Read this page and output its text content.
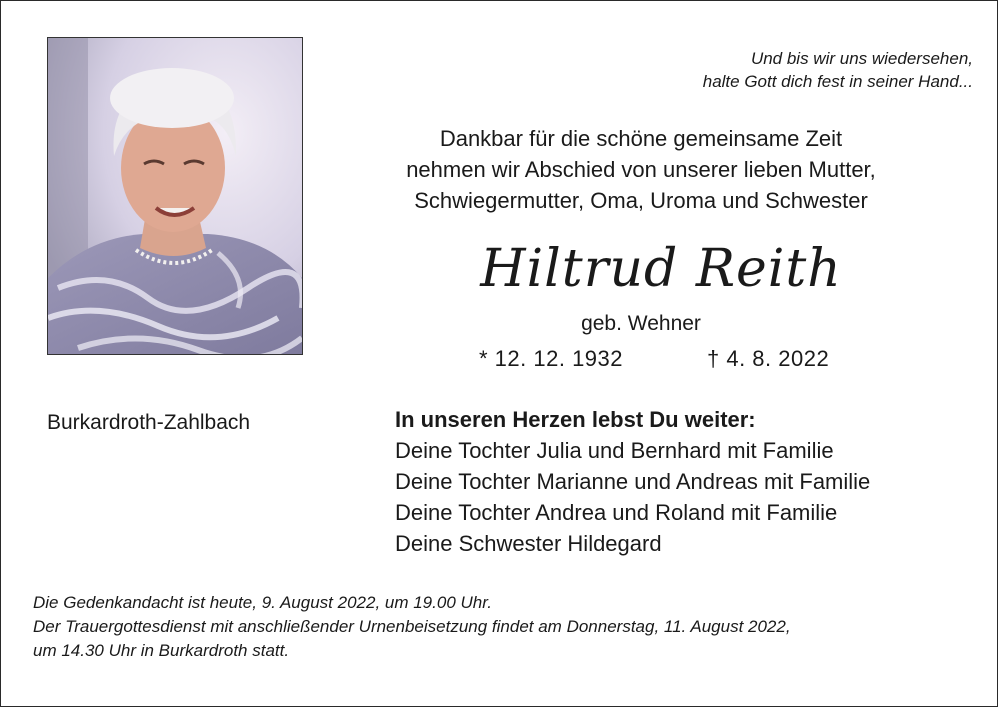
Und bis wir uns wiedersehen,
halte Gott dich fest in seiner Hand...
Dankbar für die schöne gemeinsame Zeit
nehmen wir Abschied von unserer lieben Mutter,
Schwiegermutter, Oma, Uroma und Schwester
Hiltrud Reith
geb. Wehner
* 12. 12. 1932	† 4. 8. 2022
Burkardroth-Zahlbach	In unseren Herzen lebst Du weiter:
Deine Tochter Julia und Bernhard mit Familie
Deine Tochter Marianne und Andreas mit Familie
Deine Tochter Andrea und Roland mit Familie
Deine Schwester Hildegard
Die Gedenkandacht ist heute, 9. August 2022, um 19.00 Uhr.
Der Trauergottesdienst mit anschließender Urnenbeisetzung findet am Donnerstag, 11. August 2022,
um 14.30 Uhr in Burkardroth statt.
